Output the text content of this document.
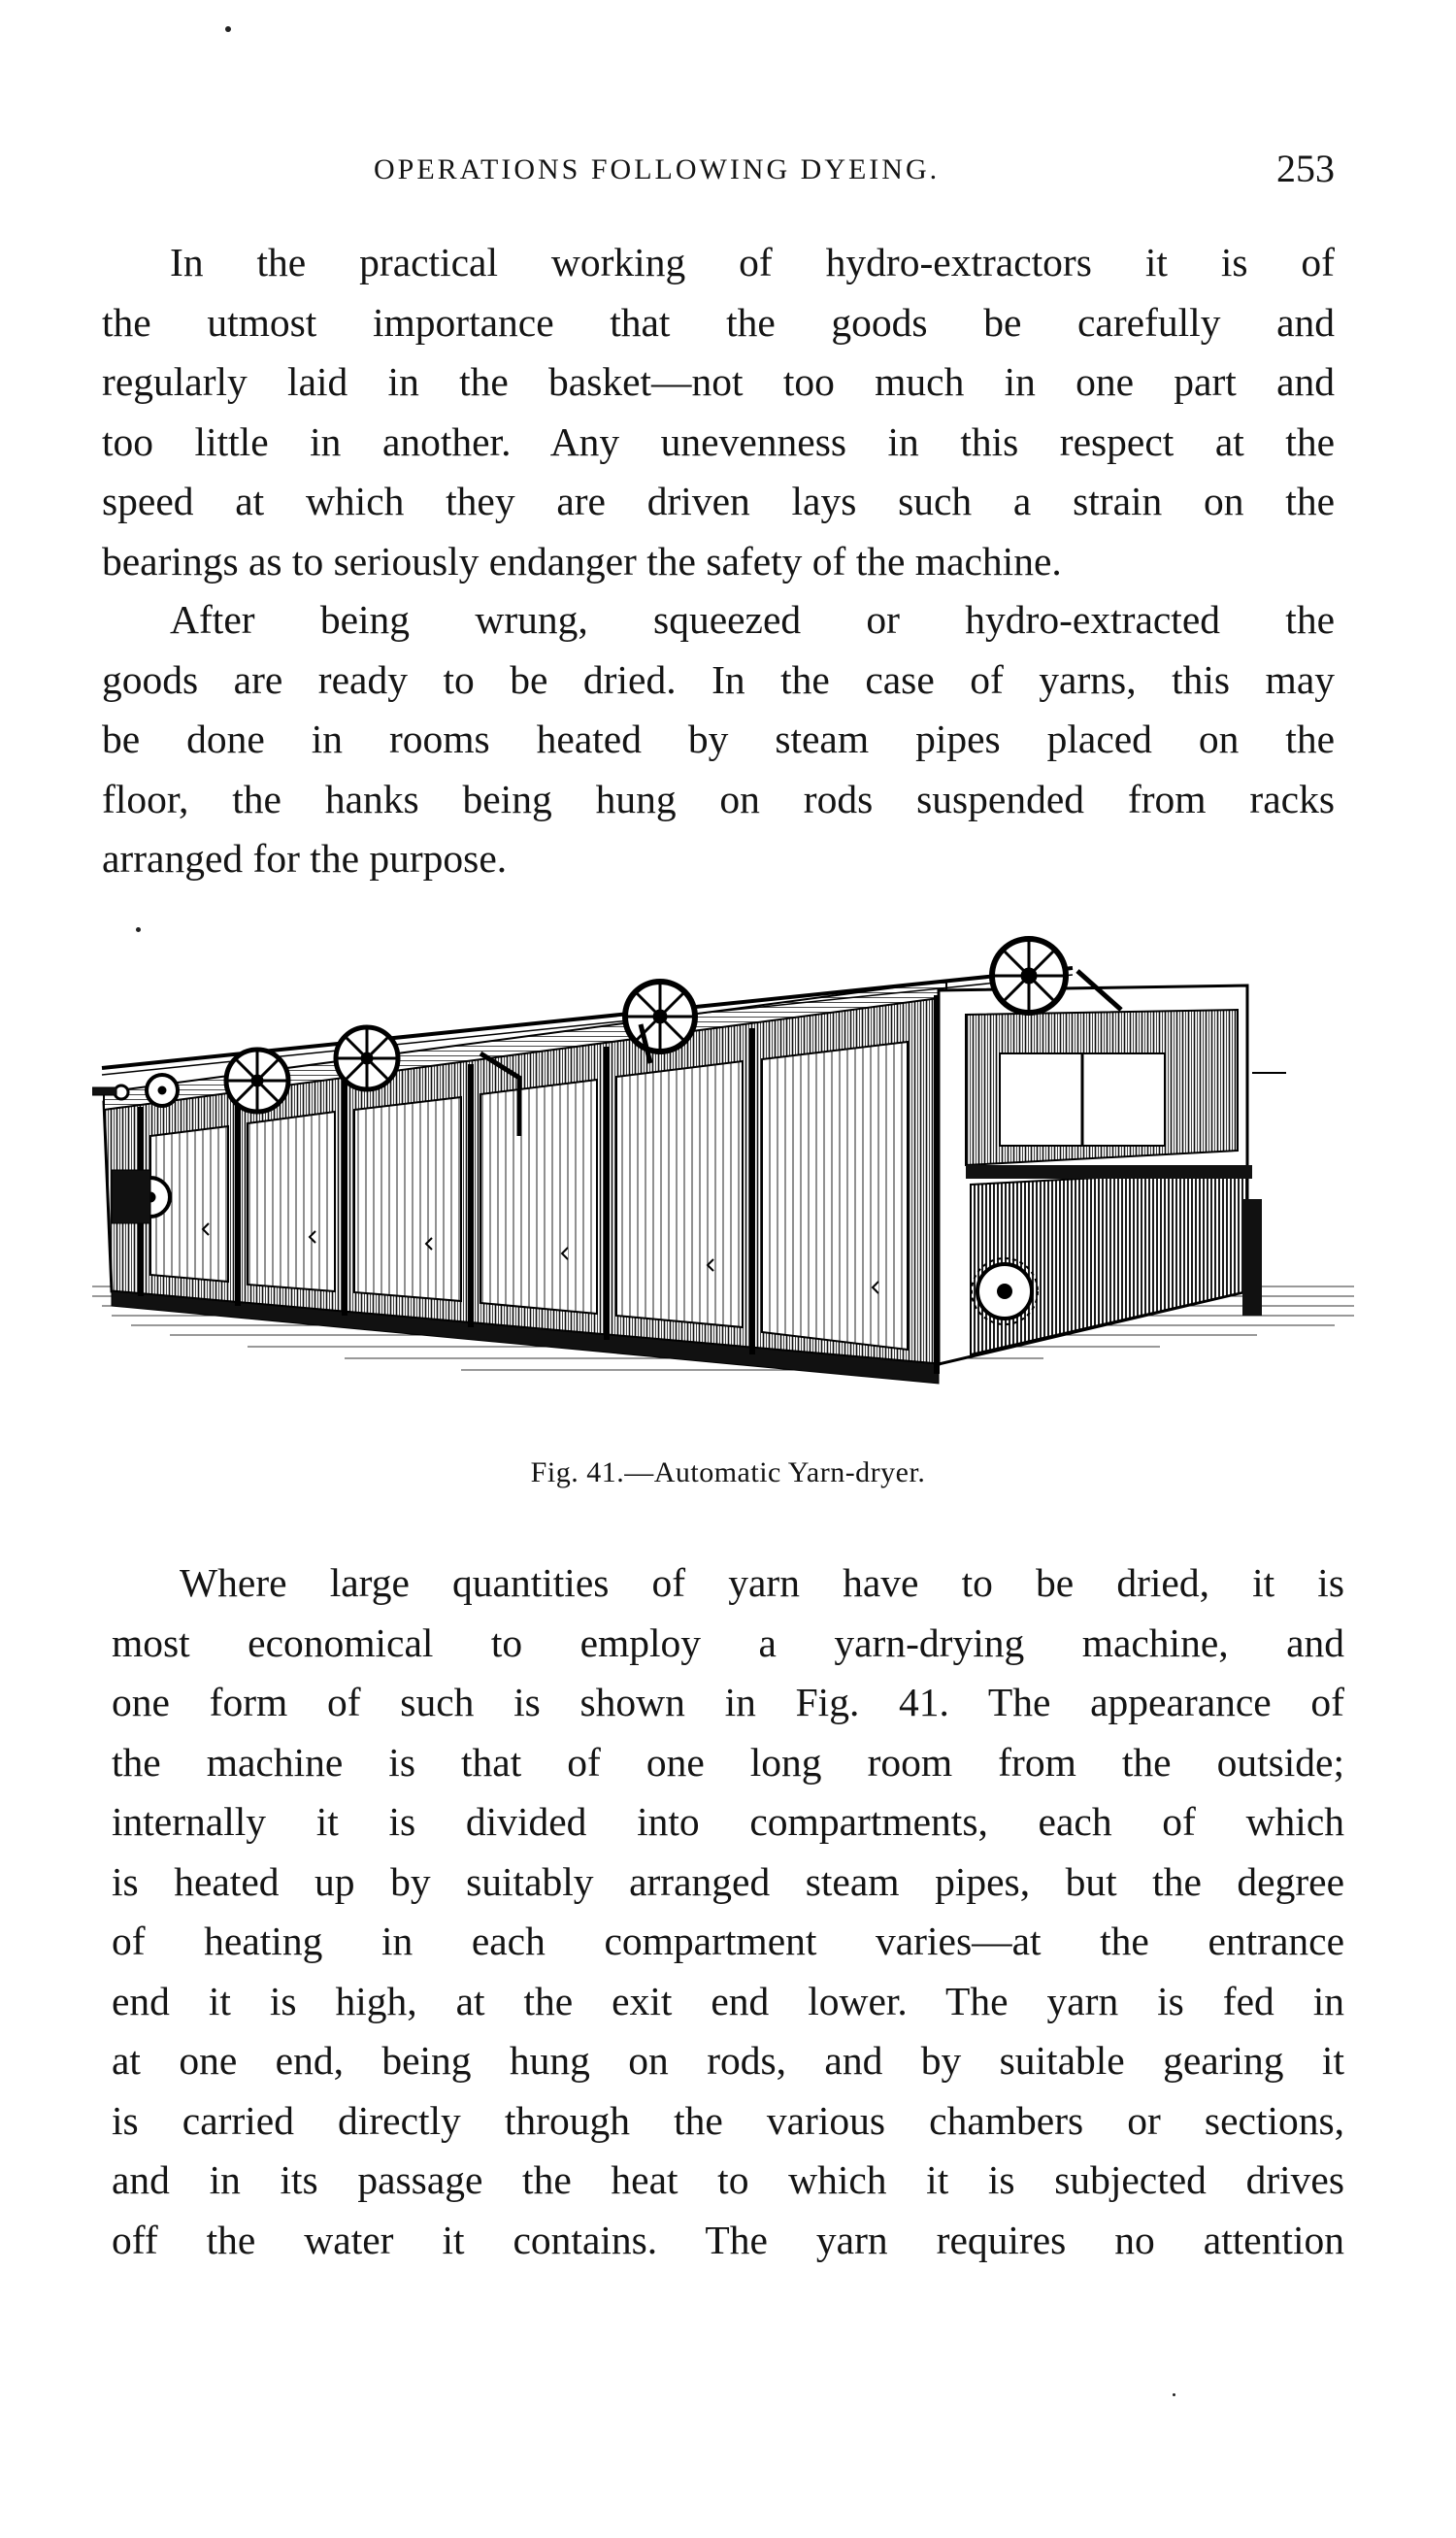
OPERATIONS FOLLOWING DYEING.	253
In the practical working of hydro-extractors it is of
the utmost importance that the goods be carefully and
regularly laid in the basket—not too much in one part and
too little in another. Any unevenness in this respect at the
speed at which they are driven lays such a strain on the
bearings as to seriously endanger the safety of the machine.
After being wrung, squeezed or hydro-extracted the
goods are ready to be dried. In the case of yarns, this may
be done in rooms heated by steam pipes placed on the
floor, the hanks being hung on rods suspended from racks
arranged for the purpose.
Fig. 41.—Automatic Yarn-dryer.
Where large quantities of yarn have to be dried, it is
most economical to employ a yarn-drying machine, and
one form of such is shown in Fig. 41. The appearance of
the machine is that of one long room from the outside;
internally it is divided into compartments, each of which
is heated up by suitably arranged steam pipes, but the degree
of heating in each compartment varies—at the entrance
end it is high, at the exit end lower. The yarn is fed in
at one end, being hung on rods, and by suitable gearing it
is carried directly through the various chambers or sections,
and in its passage the heat to which it is subjected drives
off the water it contains. The yarn requires no attention
